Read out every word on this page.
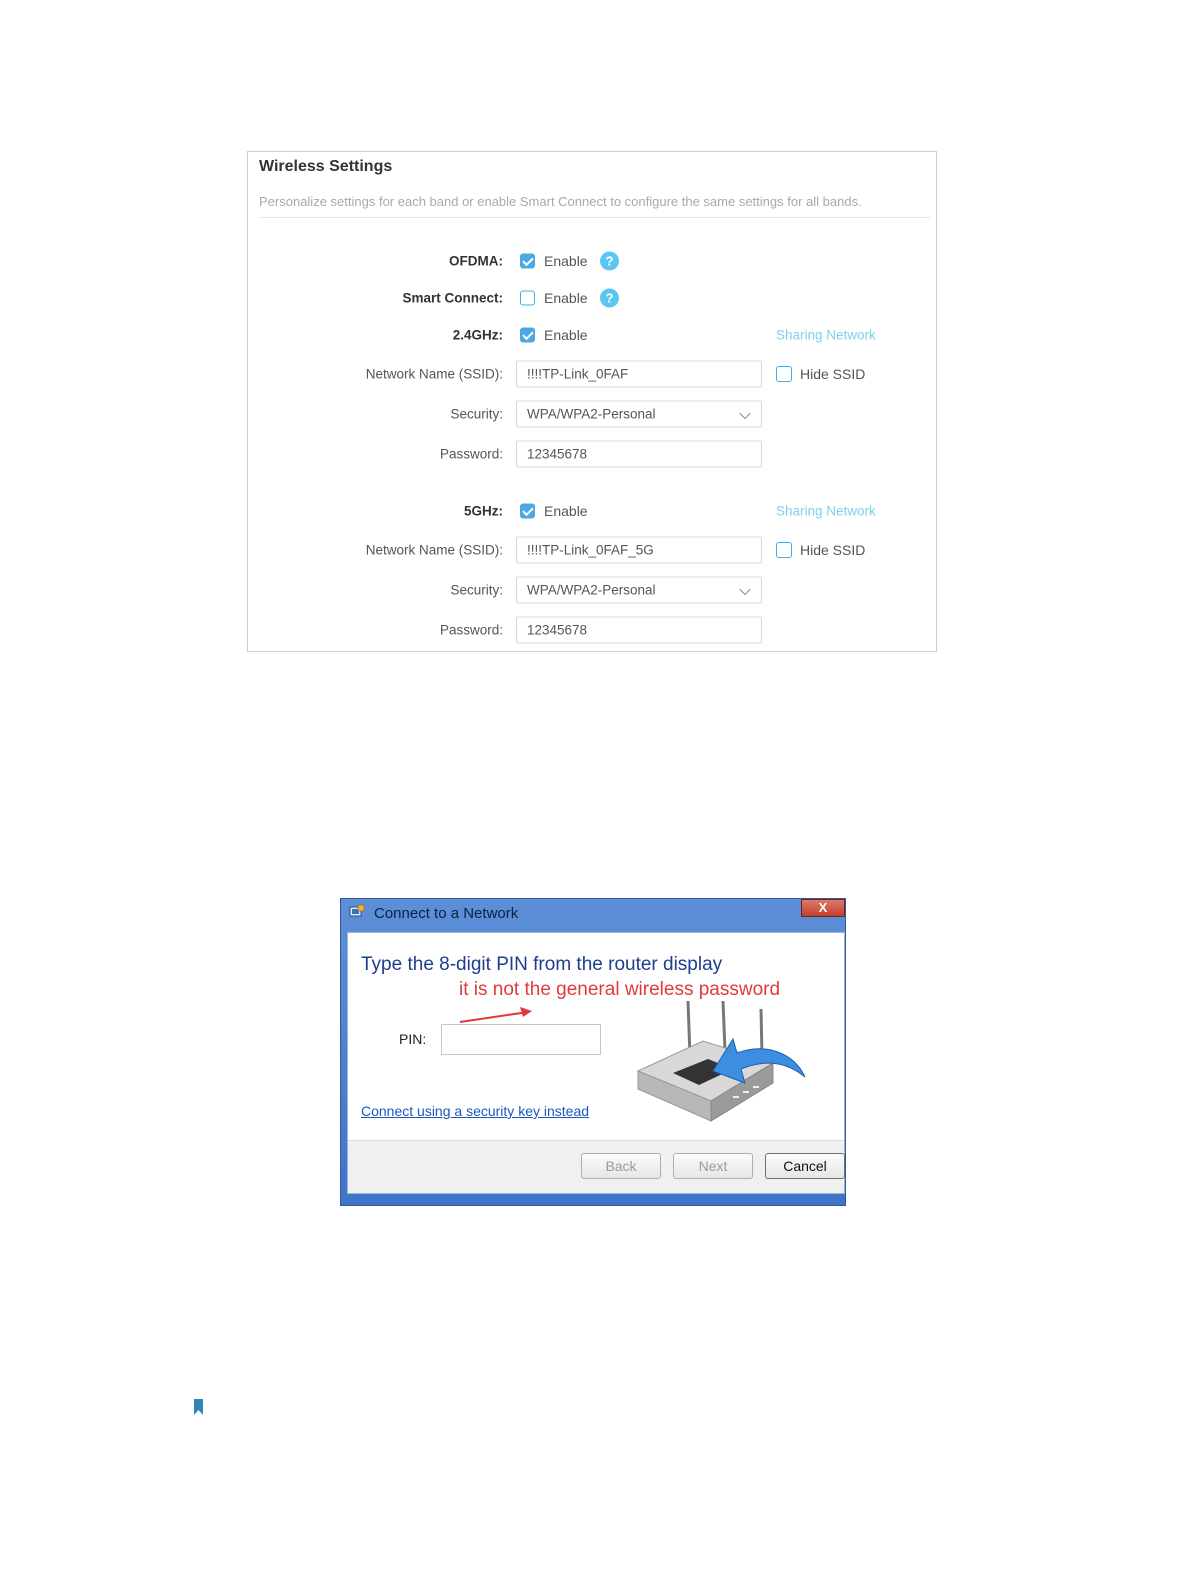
Wireless Settings
Personalize settings for each band or enable Smart Connect to configure the same settings for all bands.
OFDMA:	Enable	?
Smart Connect:	Enable	?
2.4GHz:	Enable	Sharing Network
Network Name (SSID):	!!!!TP-Link_0FAF	Hide SSID
Security:	WPA/WPA2-Personal
Password:	12345678
5GHz:	Enable	Sharing Network
Network Name (SSID):	!!!!TP-Link_0FAF_5G	Hide SSID
Security:	WPA/WPA2-Personal
Password:	12345678
Connect to a Network	X
Type the 8-digit PIN from the router display
it is not the general wireless password
PIN:
Connect using a security key instead
Back	Next	Cancel
